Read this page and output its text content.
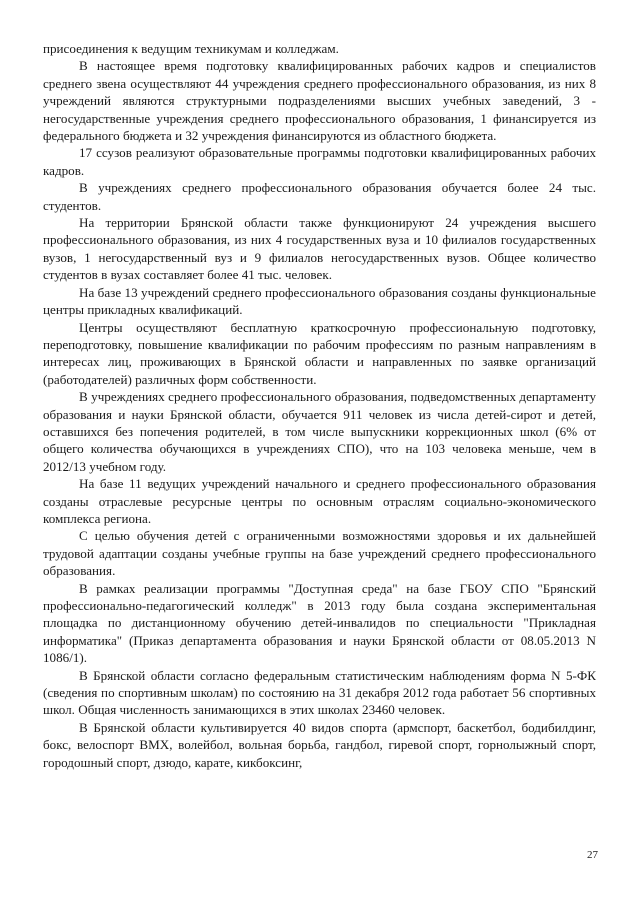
присоединения к ведущим техникумам и колледжам.

В настоящее время подготовку квалифицированных рабочих кадров и специалистов среднего звена осуществляют 44 учреждения среднего профессионального образования, из них 8 учреждений являются структурными подразделениями высших учебных заведений, 3 - негосударственные учреждения среднего профессионального образования, 1 финансируется из федерального бюджета и 32 учреждения финансируются из областного бюджета.

17 ссузов реализуют образовательные программы подготовки квалифицированных рабочих кадров.

В учреждениях среднего профессионального образования обучается более 24 тыс. студентов.

На территории Брянской области также функционируют 24 учреждения высшего профессионального образования, из них 4 государственных вуза и 10 филиалов государственных вузов, 1 негосударственный вуз и 9 филиалов негосударственных вузов. Общее количество студентов в вузах составляет более 41 тыс. человек.

На базе 13 учреждений среднего профессионального образования созданы функциональные центры прикладных квалификаций.

Центры осуществляют бесплатную краткосрочную профессиональную подготовку, переподготовку, повышение квалификации по рабочим профессиям по разным направлениям в интересах лиц, проживающих в Брянской области и направленных по заявке организаций (работодателей) различных форм собственности.

В учреждениях среднего профессионального образования, подведомственных департаменту образования и науки Брянской области, обучается 911 человек из числа детей-сирот и детей, оставшихся без попечения родителей, в том числе выпускники коррекционных школ (6% от общего количества обучающихся в учреждениях СПО), что на 103 человека меньше, чем в 2012/13 учебном году.

На базе 11 ведущих учреждений начального и среднего профессионального образования созданы отраслевые ресурсные центры по основным отраслям социально-экономического комплекса региона.

С целью обучения детей с ограниченными возможностями здоровья и их дальнейшей трудовой адаптации созданы учебные группы на базе учреждений среднего профессионального образования.

В рамках реализации программы "Доступная среда" на базе ГБОУ СПО "Брянский профессионально-педагогический колледж" в 2013 году была создана экспериментальная площадка по дистанционному обучению детей-инвалидов по специальности "Прикладная информатика" (Приказ департамента образования и науки Брянской области от 08.05.2013 N 1086/1).

В Брянской области согласно федеральным статистическим наблюдениям форма N 5-ФК (сведения по спортивным школам) по состоянию на 31 декабря 2012 года работает 56 спортивных школ. Общая численность занимающихся в этих школах 23460 человек.

В Брянской области культивируется 40 видов спорта (армспорт, баскетбол, бодибилдинг, бокс, велоспорт ВМХ, волейбол, вольная борьба, гандбол, гиревой спорт, горнолыжный спорт, городошный спорт, дзюдо, карате, кикбоксинг,

27
